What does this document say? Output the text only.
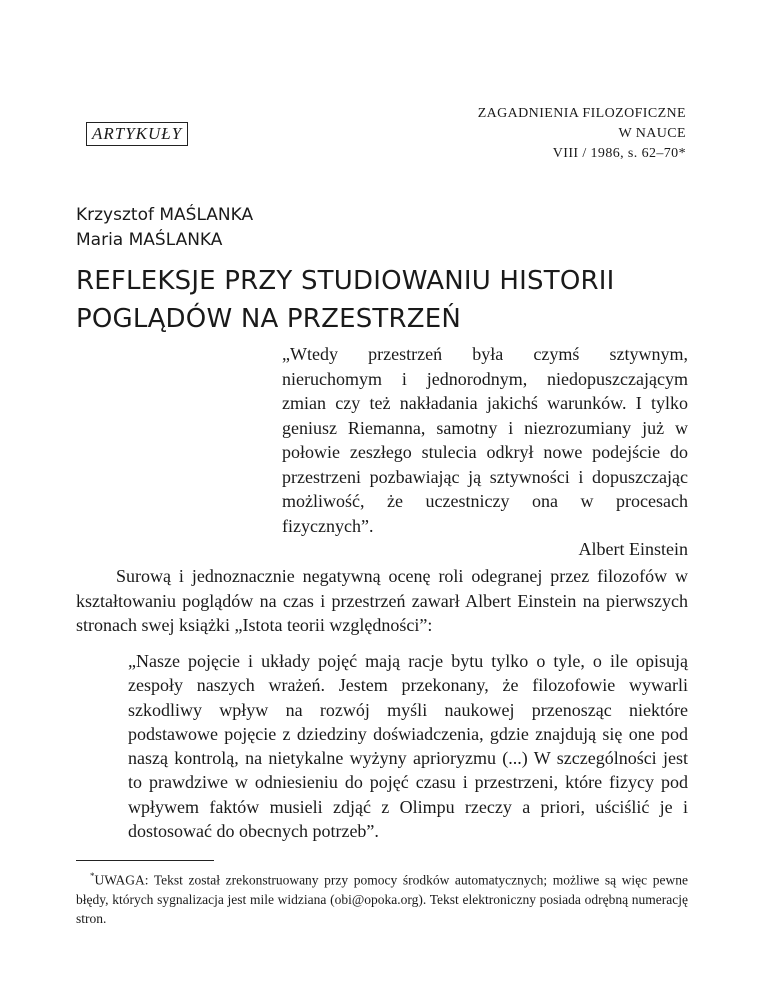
ARTYKUŁY
ZAGADNIENIA FILOZOFICZNE
W NAUCE
VIII / 1986, s. 62–70*
Krzysztof MAŚLANKA
Maria MAŚLANKA
REFLEKSJE PRZY STUDIOWANIU HISTORII
POGLĄDÓW NA PRZESTRZEŃ

„Wtedy przestrzeń była czymś sztywnym, nieruchomym i jednorodnym, niedopuszczającym zmian czy też nakładania jakichś warunków. I tylko geniusz Riemanna, samotny i niezrozumiany już w połowie zeszłego stulecia odkrył nowe podejście do przestrzeni pozbawiając ją sztywności i dopuszczając możliwość, że uczestniczy ona w procesach fizycznych”.

Albert Einstein

Surową i jednoznacznie negatywną ocenę roli odegranej przez filozofów w kształtowaniu poglądów na czas i przestrzeń zawarł Albert Einstein na pierwszych stronach swej książki „Istota teorii względności”:

„Nasze pojęcie i układy pojęć mają racje bytu tylko o tyle, o ile opisują zespoły naszych wrażeń. Jestem przekonany, że filozofowie wywarli szkodliwy wpływ na rozwój myśli naukowej przenosząc niektóre podstawowe pojęcie z dziedziny doświadczenia, gdzie znajdują się one pod naszą kontrolą, na nietykalne wyżyny aprioryzmu (...) W szczególności jest to prawdziwe w odniesieniu do pojęć czasu i przestrzeni, które fizycy pod wpływem faktów musieli zdjąć z Olimpu rzeczy a priori, uściślić je i dostosować do obecnych potrzeb”.

*UWAGA: Tekst został zrekonstruowany przy pomocy środków automatycznych; możliwe są więc pewne błędy, których sygnalizacja jest mile widziana (obi@opoka.org). Tekst elektroniczny posiada odrębną numerację stron.
